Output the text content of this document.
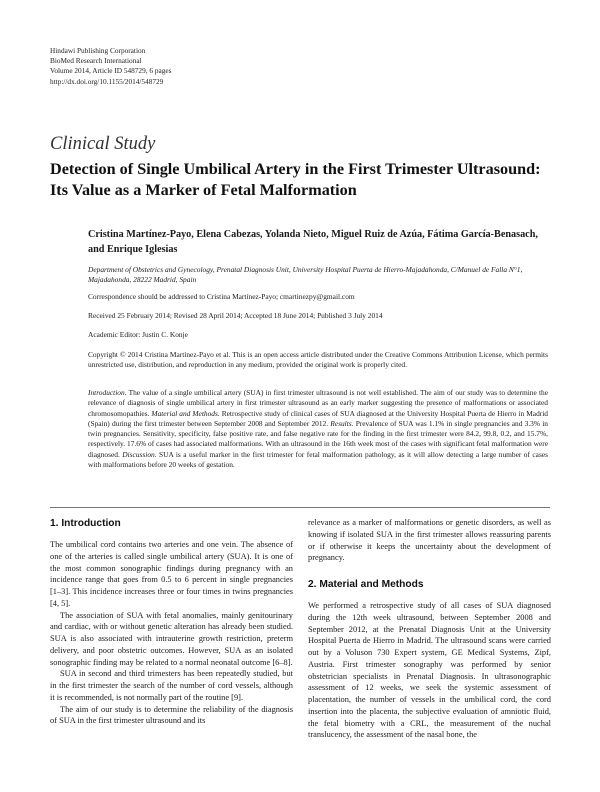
Hindawi Publishing Corporation
BioMed Research International
Volume 2014, Article ID 548729, 6 pages
http://dx.doi.org/10.1155/2014/548729
Clinical Study
Detection of Single Umbilical Artery in the First Trimester Ultrasound: Its Value as a Marker of Fetal Malformation
Cristina Martínez-Payo, Elena Cabezas, Yolanda Nieto, Miguel Ruiz de Azúa, Fátima García-Benasach, and Enrique Iglesias
Department of Obstetrics and Gynecology, Prenatal Diagnosis Unit, University Hospital Puerta de Hierro-Majadahonda, C/Manuel de Falla N°1, Majadahonda, 28222 Madrid, Spain
Correspondence should be addressed to Cristina Martínez-Payo; cmartinezpy@gmail.com
Received 25 February 2014; Revised 28 April 2014; Accepted 18 June 2014; Published 3 July 2014
Academic Editor: Justin C. Konje
Copyright © 2014 Cristina Martínez-Payo et al. This is an open access article distributed under the Creative Commons Attribution License, which permits unrestricted use, distribution, and reproduction in any medium, provided the original work is properly cited.
Introduction. The value of a single umbilical artery (SUA) in first trimester ultrasound is not well established. The aim of our study was to determine the relevance of diagnosis of single umbilical artery in first trimester ultrasound as an early marker suggesting the presence of malformations or associated chromosomopathies. Material and Methods. Retrospective study of clinical cases of SUA diagnosed at the University Hospital Puerta de Hierro in Madrid (Spain) during the first trimester between September 2008 and September 2012. Results. Prevalence of SUA was 1.1% in single pregnancies and 3.3% in twin pregnancies. Sensitivity, specificity, false positive rate, and false negative rate for the finding in the first trimester were 84.2, 99.8, 0.2, and 15.7%, respectively. 17.6% of cases had associated malformations. With an ultrasound in the 16th week most of the cases with significant fetal malformation were diagnosed. Discussion. SUA is a useful marker in the first trimester for fetal malformation pathology, as it will allow detecting a large number of cases with malformations before 20 weeks of gestation.
1. Introduction

The umbilical cord contains two arteries and one vein. The absence of one of the arteries is called single umbilical artery (SUA). It is one of the most common sonographic findings during pregnancy with an incidence range that goes from 0.5 to 6 percent in single pregnancies [1–3]. This incidence increases three or four times in twins pregnancies [4, 5].

The association of SUA with fetal anomalies, mainly genitourinary and cardiac, with or without genetic alteration has already been studied. SUA is also associated with intrauterine growth restriction, preterm delivery, and poor obstetric outcomes. However, SUA as an isolated sonographic finding may be related to a normal neonatal outcome [6–8].

SUA in second and third trimesters has been repeatedly studied, but in the first trimester the search of the number of cord vessels, although it is recommended, is not normally part of the routine [9].

The aim of our study is to determine the reliability of the diagnosis of SUA in the first trimester ultrasound and its

relevance as a marker of malformations or genetic disorders, as well as knowing if isolated SUA in the first trimester allows reassuring parents or if otherwise it keeps the uncertainty about the development of pregnancy.

2. Material and Methods

We performed a retrospective study of all cases of SUA diagnosed during the 12th week ultrasound, between September 2008 and September 2012, at the Prenatal Diagnosis Unit at the University Hospital Puerta de Hierro in Madrid. The ultrasound scans were carried out by a Voluson 730 Expert system, GE Medical Systems, Zipf, Austria. First trimester sonography was performed by senior obstetrician specialists in Prenatal Diagnosis. In ultrasonographic assessment of 12 weeks, we seek the systemic assessment of placentation, the number of vessels in the umbilical cord, the cord insertion into the placenta, the subjective evaluation of amniotic fluid, the fetal biometry with a CRL, the measurement of the nuchal translucency, the assessment of the nasal bone, the
